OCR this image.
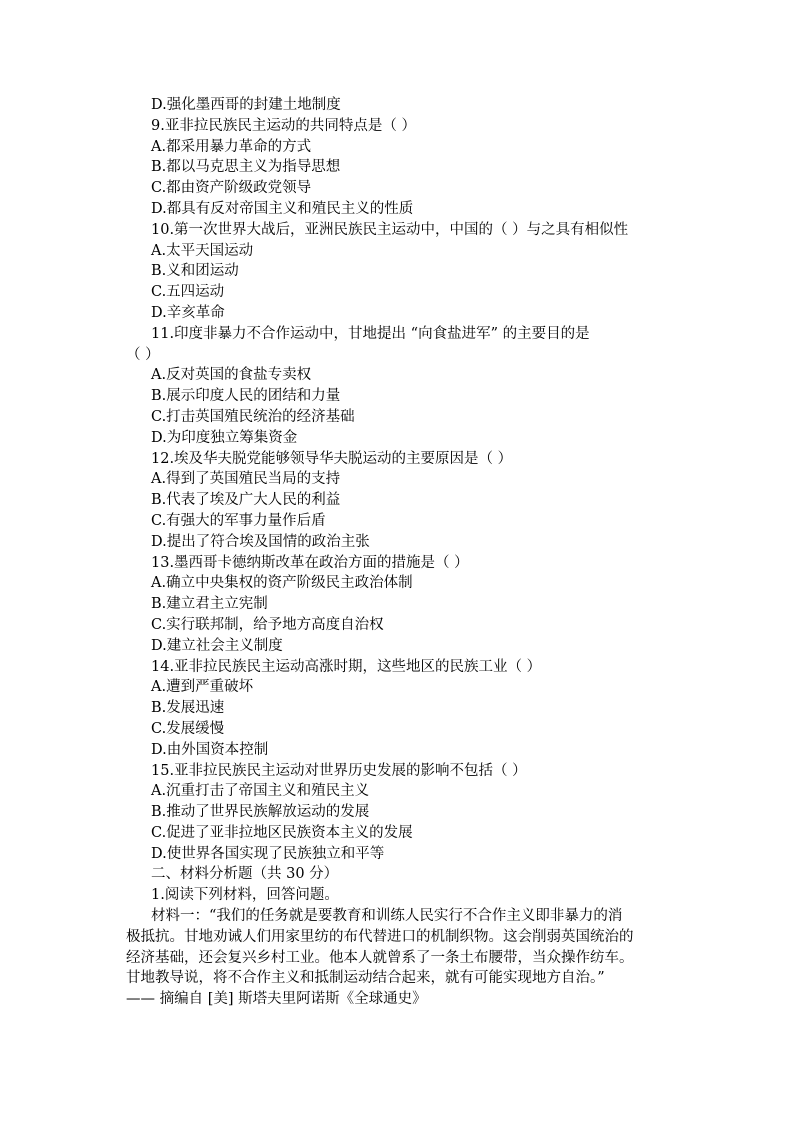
D.强化墨西哥的封建土地制度
9.亚非拉民族民主运动的共同特点是（ ）
A.都采用暴力革命的方式
B.都以马克思主义为指导思想
C.都由资产阶级政党领导
D.都具有反对帝国主义和殖民主义的性质
10.第一次世界大战后，亚洲民族民主运动中，中国的（ ）与之具有相似性
A.太平天国运动
B.义和团运动
C.五四运动
D.辛亥革命
11.印度非暴力不合作运动中，甘地提出 “向食盐进军” 的主要目的是
（ ）
A.反对英国的食盐专卖权
B.展示印度人民的团结和力量
C.打击英国殖民统治的经济基础
D.为印度独立筹集资金
12.埃及华夫脱党能够领导华夫脱运动的主要原因是（ ）
A.得到了英国殖民当局的支持
B.代表了埃及广大人民的利益
C.有强大的军事力量作后盾
D.提出了符合埃及国情的政治主张
13.墨西哥卡德纳斯改革在政治方面的措施是（ ）
A.确立中央集权的资产阶级民主政治体制
B.建立君主立宪制
C.实行联邦制，给予地方高度自治权
D.建立社会主义制度
14.亚非拉民族民主运动高涨时期，这些地区的民族工业（ ）
A.遭到严重破坏
B.发展迅速
C.发展缓慢
D.由外国资本控制
15.亚非拉民族民主运动对世界历史发展的影响不包括（ ）
A.沉重打击了帝国主义和殖民主义
B.推动了世界民族解放运动的发展
C.促进了亚非拉地区民族资本主义的发展
D.使世界各国实现了民族独立和平等
二、材料分析题（共 30 分）
1.阅读下列材料，回答问题。
材料一：“我们的任务就是要教育和训练人民实行不合作主义即非暴力的消
极抵抗。甘地劝诫人们用家里纺的布代替进口的机制织物。这会削弱英国统治的
经济基础，还会复兴乡村工业。他本人就曾系了一条土布腰带，当众操作纺车。
甘地教导说，将不合作主义和抵制运动结合起来，就有可能实现地方自治。”
—— 摘编自 [美] 斯塔夫里阿诺斯《全球通史》
